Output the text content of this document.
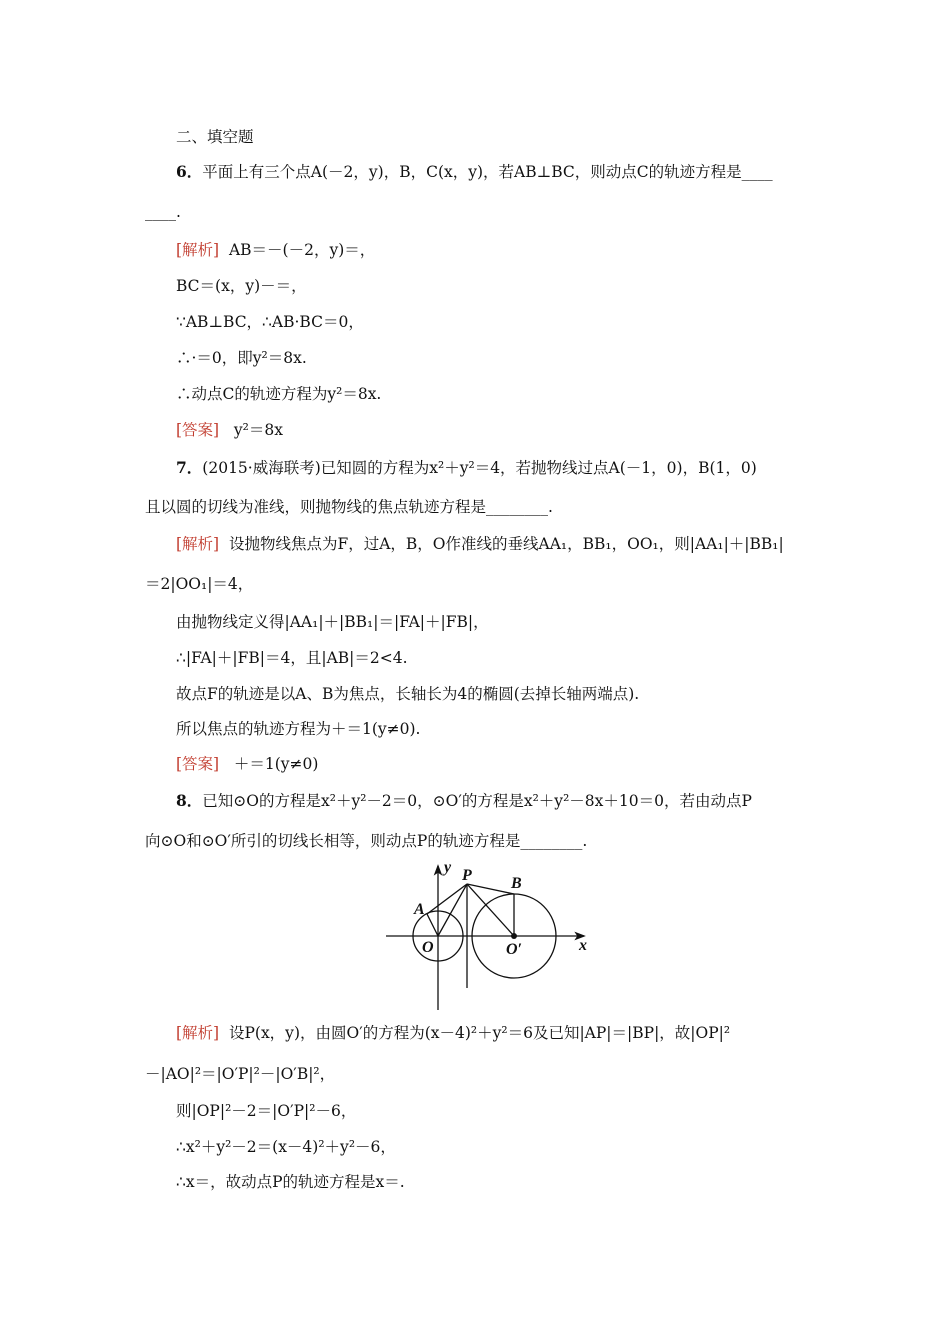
二、填空题
6．平面上有三个点A(－2，y)，B，C(x，y)，若AB⊥BC，则动点C的轨迹方程是____
____.
[解析] AB＝－(－2，y)＝，
BC＝(x，y)－＝，
∵AB⊥BC，∴AB·BC＝0，
∴·＝0，即y²＝8x.
∴动点C的轨迹方程为y²＝8x.
[答案] y²＝8x
7．(2015·威海联考)已知圆的方程为x²＋y²＝4，若抛物线过点A(－1，0)，B(1，0)
且以圆的切线为准线，则抛物线的焦点轨迹方程是________.
[解析] 设抛物线焦点为F，过A，B，O作准线的垂线AA₁，BB₁，OO₁，则|AA₁|＋|BB₁|
＝2|OO₁|＝4，
由抛物线定义得|AA₁|＋|BB₁|＝|FA|＋|FB|，
∴|FA|＋|FB|＝4，且|AB|＝2<4.
故点F的轨迹是以A、B为焦点，长轴长为4的椭圆(去掉长轴两端点).
所以焦点的轨迹方程为＋＝1(y≠0).
[答案] ＋＝1(y≠0)
8．已知⊙O的方程是x²＋y²－2＝0，⊙O′的方程是x²＋y²－8x＋10＝0，若由动点P
向⊙O和⊙O′所引的切线长相等，则动点P的轨迹方程是________.
y
x
P B
A
O	O′
[解析] 设P(x，y)，由圆O′的方程为(x－4)²＋y²＝6及已知|AP|＝|BP|，故|OP|²
－|AO|²＝|O′P|²－|O′B|²，
则|OP|²－2＝|O′P|²－6，
∴x²＋y²－2＝(x－4)²＋y²－6，
∴x＝，故动点P的轨迹方程是x＝.
